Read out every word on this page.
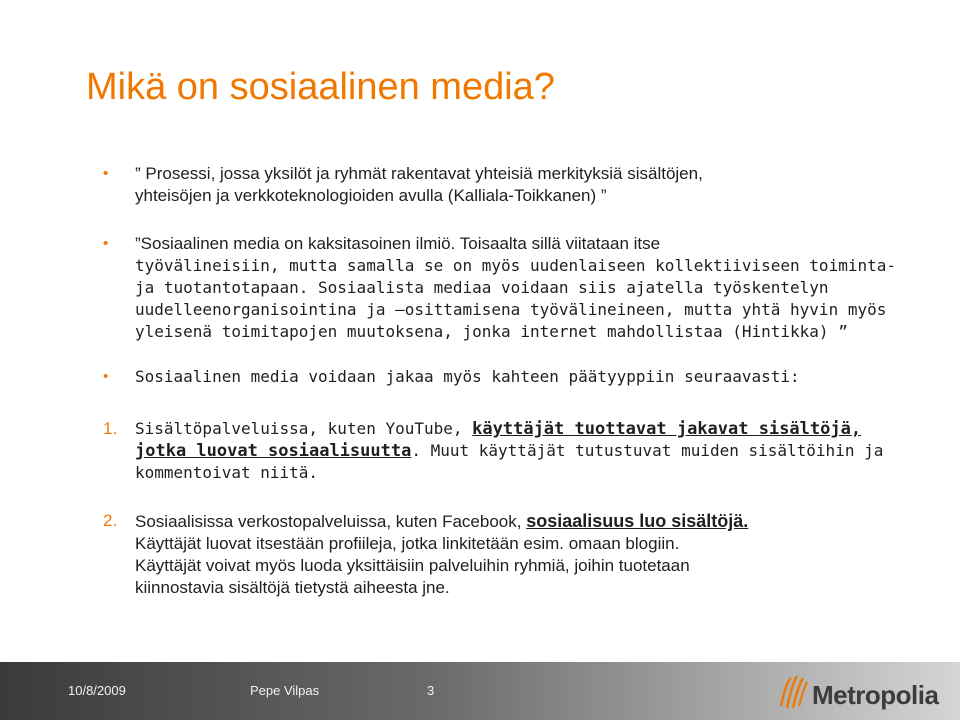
Mikä on sosiaalinen media?
• ” Prosessi, jossa yksilöt ja ryhmät rakentavat yhteisiä merkityksiä sisältöjen,
yhteisöjen ja verkkoteknologioiden avulla (Kalliala-Toikkanen) ”
• ”Sosiaalinen media on kaksitasoinen ilmiö. Toisaalta sillä viitataan itse
työvälineisiin, mutta samalla se on myös uudenlaiseen kollektiiviseen toiminta-
ja tuotantotapaan. Sosiaalista mediaa voidaan siis ajatella työskentelyn
uudelleenorganisointina ja –osittamisena työvälineineen, mutta yhtä hyvin myös
yleisenä toimitapojen muutoksena, jonka internet mahdollistaa (Hintikka) ”
• Sosiaalinen media voidaan jakaa myös kahteen päätyyppiin seuraavasti:
1. Sisältöpalveluissa, kuten YouTube, käyttäjät tuottavat jakavat sisältöjä,
jotka luovat sosiaalisuutta. Muut käyttäjät tutustuvat muiden sisältöihin ja
kommentoivat niitä.
2. Sosiaalisissa verkostopalveluissa, kuten Facebook, sosiaalisuus luo sisältöjä.
Käyttäjät luovat itsestään profiileja, jotka linkitetään esim. omaan blogiin.
Käyttäjät voivat myös luoda yksittäisiin palveluihin ryhmiä, joihin tuotetaan
kiinnostavia sisältöjä tietystä aiheesta jne.
10/8/2009	Pepe Vilpas	3	Metropolia
